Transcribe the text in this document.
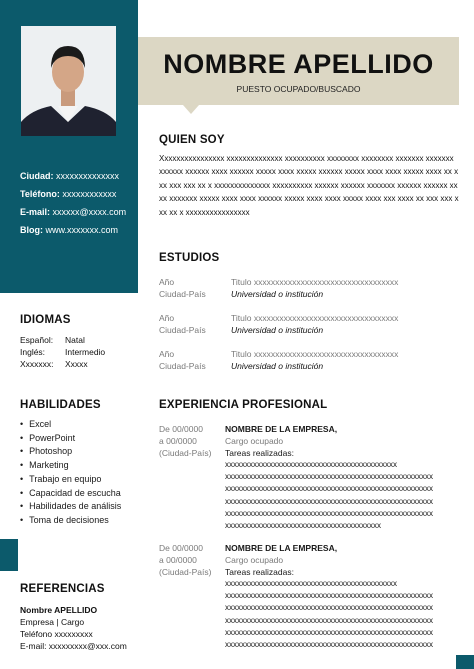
Ciudad: xxxxxxxxxxxxxx
Teléfono: xxxxxxxxxxxx
E-mail: xxxxxx@xxxx.com
Blog: www.xxxxxxx.com
NOMBRE APELLIDO
PUESTO OCUPADO/BUSCADO
QUIEN SOY
Xxxxxxxxxxxxxxxx xxxxxxxxxxxxxx xxxxxxxxxx xxxxxxxx xxxxxxxx xxxxxxx xxxxxxx xxxxxx xxxxxx xxxx xxxxxx xxxxx xxxx xxxxx xxxxxx xxxxx xxxx xxxx xxxxx xxxx xx xxx xxx xxx xx x xxxxxxxxxxxxxx xxxxxxxxxx xxxxxx xxxxxx xxxxxxx xxxxxx xxxxxx xxxx xxxxxxx xxxxx xxxx xxxx xxxxxx xxxxx xxxx xxxx xxxxx xxxx xxx xxxx xx xxx xxx xxx xx x xxxxxxxxxxxxxxxx
ESTUDIOS
Año
Ciudad-País
Titulo xxxxxxxxxxxxxxxxxxxxxxxxxxxxxxxxxx
Universidad o institución
Año
Ciudad-País
Titulo xxxxxxxxxxxxxxxxxxxxxxxxxxxxxxxxxx
Universidad o institución
Año
Ciudad-País
Titulo xxxxxxxxxxxxxxxxxxxxxxxxxxxxxxxxxx
Universidad o institución
IDIOMAS
Español: Natal
Inglés: Intermedio
Xxxxxxx: Xxxxx
HABILIDADES
• Excel
• PowerPoint
• Photoshop
• Marketing
• Trabajo en equipo
• Capacidad de escucha
• Habilidades de análisis
• Toma de decisiones
REFERENCIAS
Nombre APELLIDO
Empresa | Cargo
Teléfono xxxxxxxxx
E-mail: xxxxxxxxx@xxx.com
EXPERIENCIA PROFESIONAL
De 00/0000
a 00/0000
(Ciudad-País)
NOMBRE DE LA EMPRESA,
Cargo ocupado
Tareas realizadas:
xxxxxxxxxxxxxxxxxxxxxxxxxxxxxxxxxxxxxxxxxxx
xxxxxxxxxxxxxxxxxxxxxxxxxxxxxxxxxxxxxxxxxxxxxxxxxxxx
xxxxxxxxxxxxxxxxxxxxxxxxxxxxxxxxxxxxxxxxxxxxxxxxxxxx
xxxxxxxxxxxxxxxxxxxxxxxxxxxxxxxxxxxxxxxxxxxxxxxxxxxx
xxxxxxxxxxxxxxxxxxxxxxxxxxxxxxxxxxxxxxxxxxxxxxxxxxxx
xxxxxxxxxxxxxxxxxxxxxxxxxxxxxxxxxxxxxxx
De 00/0000
a 00/0000
(Ciudad-País)
NOMBRE DE LA EMPRESA,
Cargo ocupado
Tareas realizadas:
xxxxxxxxxxxxxxxxxxxxxxxxxxxxxxxxxxxxxxxxxxx
xxxxxxxxxxxxxxxxxxxxxxxxxxxxxxxxxxxxxxxxxxxxxxxxxxxx
xxxxxxxxxxxxxxxxxxxxxxxxxxxxxxxxxxxxxxxxxxxxxxxxxxxx
xxxxxxxxxxxxxxxxxxxxxxxxxxxxxxxxxxxxxxxxxxxxxxxxxxxx
xxxxxxxxxxxxxxxxxxxxxxxxxxxxxxxxxxxxxxxxxxxxxxxxxxxx
xxxxxxxxxxxxxxxxxxxxxxxxxxxxxxxxxxxxxxxxxxxxxxxxxxxx
